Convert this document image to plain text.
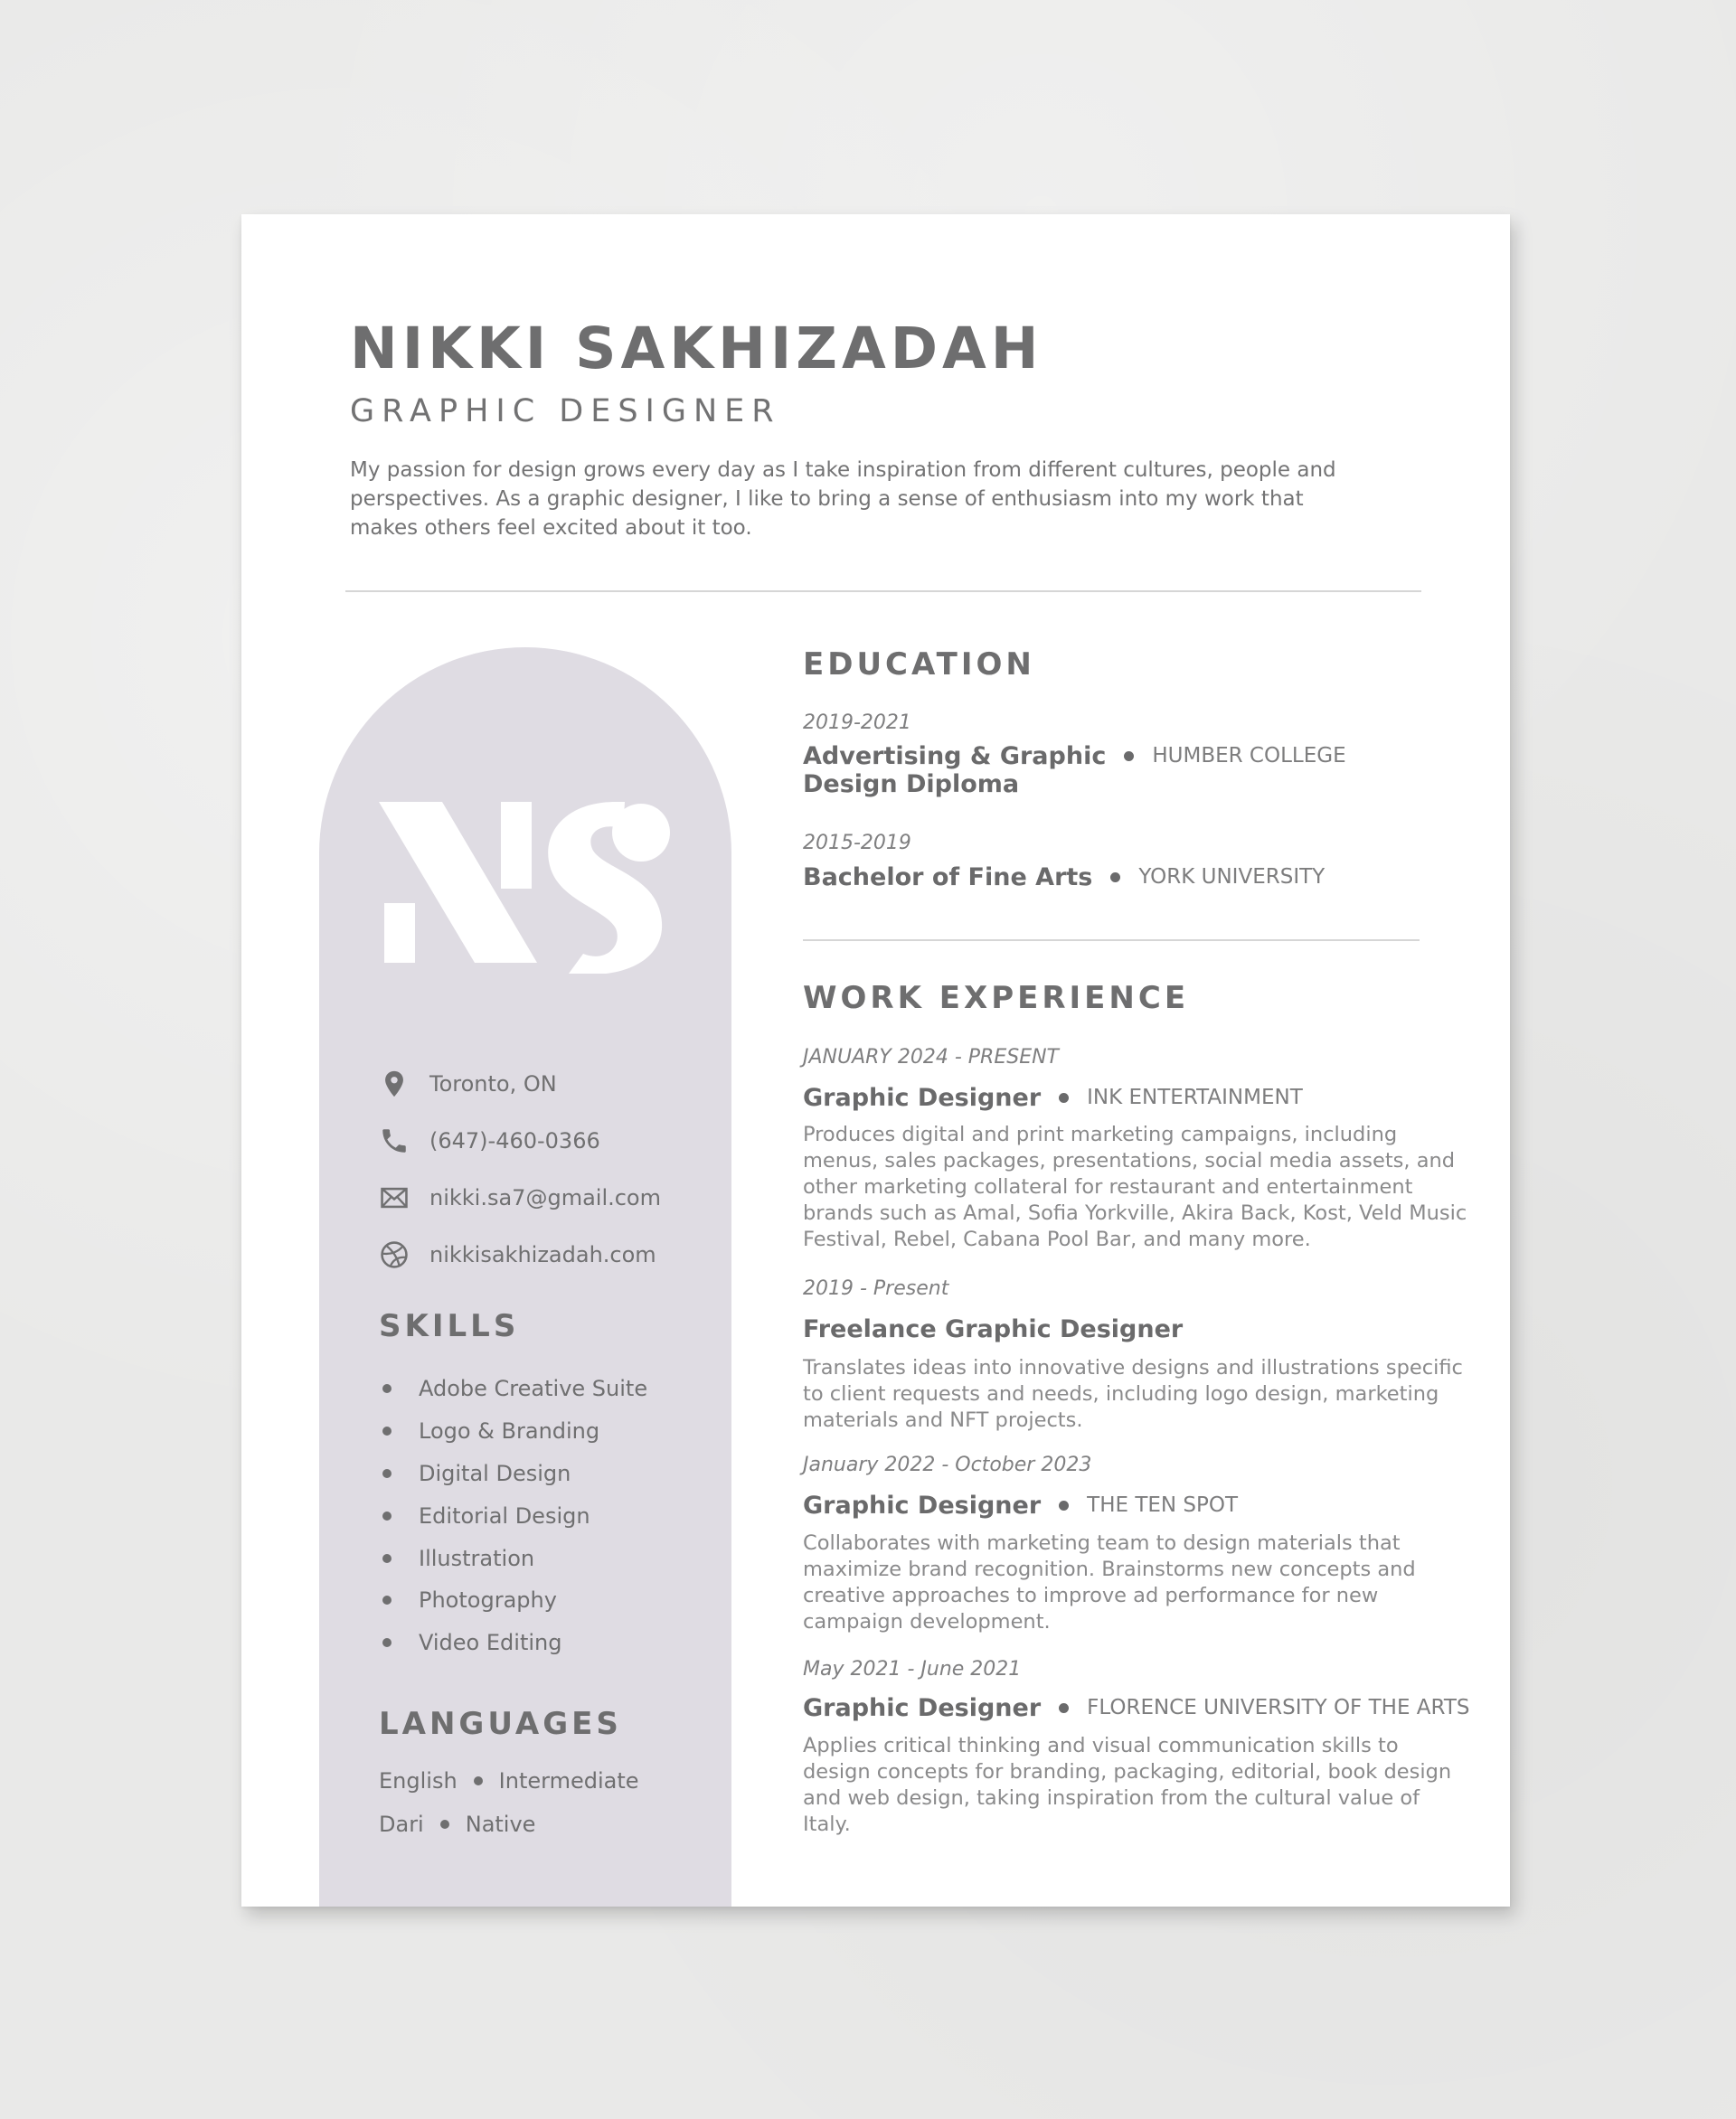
NIKKI SAKHIZADAH
GRAPHIC DESIGNER
My passion for design grows every day as I take inspiration from different cultures, people and perspectives. As a graphic designer, I like to bring a sense of enthusiasm into my work that makes others feel excited about it too.
Toronto, ON
(647)-460-0366
nikki.sa7@gmail.com
nikkisakhizadah.com
SKILLS
Adobe Creative Suite
Logo & Branding
Digital Design
Editorial Design
Illustration
Photography
Video Editing
LANGUAGES
English Intermediate
Dari Native
EDUCATION
2019-2021
Advertising & Graphic
Design Diploma
HUMBER COLLEGE
2015-2019
Bachelor of Fine Arts YORK UNIVERSITY
WORK EXPERIENCE
JANUARY 2024 - PRESENT
Graphic Designer INK ENTERTAINMENT
Produces digital and print marketing campaigns, including menus, sales packages, presentations, social media assets, and other marketing collateral for restaurant and entertainment brands such as Amal, Sofia Yorkville, Akira Back, Kost, Veld Music Festival, Rebel, Cabana Pool Bar, and many more.
2019 - Present
Freelance Graphic Designer
Translates ideas into innovative designs and illustrations specific to client requests and needs, including logo design, marketing materials and NFT projects.
January 2022 - October 2023
Graphic Designer THE TEN SPOT
Collaborates with marketing team to design materials that maximize brand recognition. Brainstorms new concepts and creative approaches to improve ad performance for new campaign development.
May 2021 - June 2021
Graphic Designer FLORENCE UNIVERSITY OF THE ARTS
Applies critical thinking and visual communication skills to design concepts for branding, packaging, editorial, book design and web design, taking inspiration from the cultural value of Italy.
